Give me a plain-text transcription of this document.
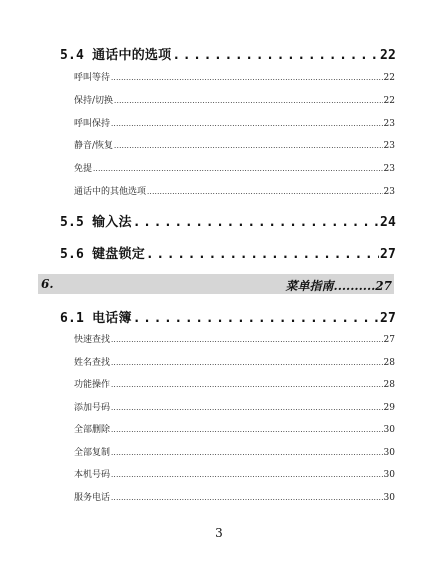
5.4 通话中的选项 .....	22
呼叫等待 .....	22
保持/切换 .....	22
呼叫保持 .....	23
静音/恢复 .....	23
免提 .....	23
通话中的其他选项 .....	23
5.5 输入法 .....	24
5.6 键盘锁定 .....	27
6.	菜单指南..........27
6.1 电话簿 .....	27
快速查找 .....	27
姓名查找 .....	28
功能操作 .....	28
添加号码 .....	29
全部删除 .....	30
全部复制 .....	30
本机号码 .....	30
服务电话 .....	30
3
